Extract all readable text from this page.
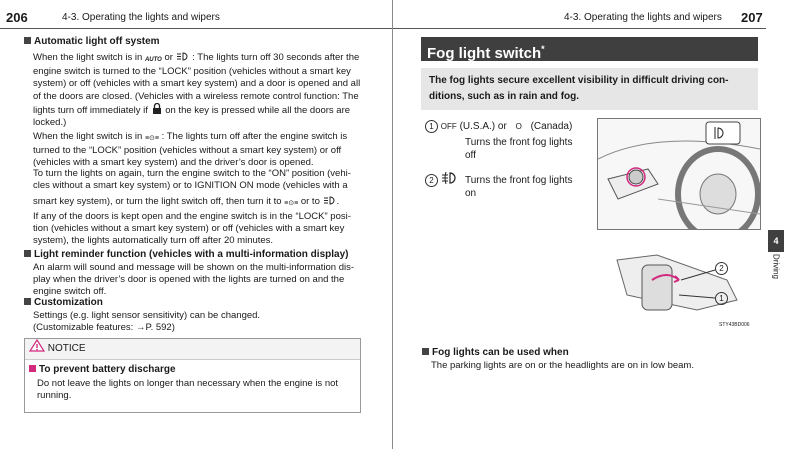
206	4-3. Operating the lights and wipers
Automatic light off system
When the light switch is in AUTO or : The lights turn off 30 seconds after the
engine switch is turned to the “LOCK” position (vehicles without a smart key
system) or off (vehicles with a smart key system) and a door is opened and all
of the doors are closed. (Vehicles with a wireless remote control function: The
lights turn off immediately if on the key is pressed while all the doors are
locked.)
When the light switch is in ≡⊙≡ : The lights turn off after the engine switch is
turned to the “LOCK” position (vehicles without a smart key system) or off
(vehicles with a smart key system) and the driver’s door is opened.
To turn the lights on again, turn the engine switch to the “ON” position (vehi-
cles without a smart key system) or to IGNITION ON mode (vehicles with a
smart key system), or turn the light switch off, then turn it to ≡⊙≡ or to .
If any of the doors is kept open and the engine switch is in the “LOCK” posi-
tion (vehicles without a smart key system) or off (vehicles with a smart key
system), the lights automatically turn off after 20 minutes.
Light reminder function (vehicles with a multi-information display)
An alarm will sound and message will be shown on the multi-information dis-
play when the driver’s door is opened with the lights are turned on and the
engine switch off.
Customization
Settings (e.g. light sensor sensitivity) can be changed.
(Customizable features: →P. 592)
NOTICE
To prevent battery discharge
Do not leave the lights on longer than necessary when the engine is not
running.
4-3. Operating the lights and wipers 207
Fog light switch*
The fog lights secure excellent visibility in difficult driving con-
ditions, such as in rain and fog.
1 OFF (U.S.A.) or O (Canada)
Turns the front fog lights
off
2	Turns the front fog lights
on
4
Driving
2
1
STY43BD006
Fog lights can be used when
The parking lights are on or the headlights are on in low beam.
